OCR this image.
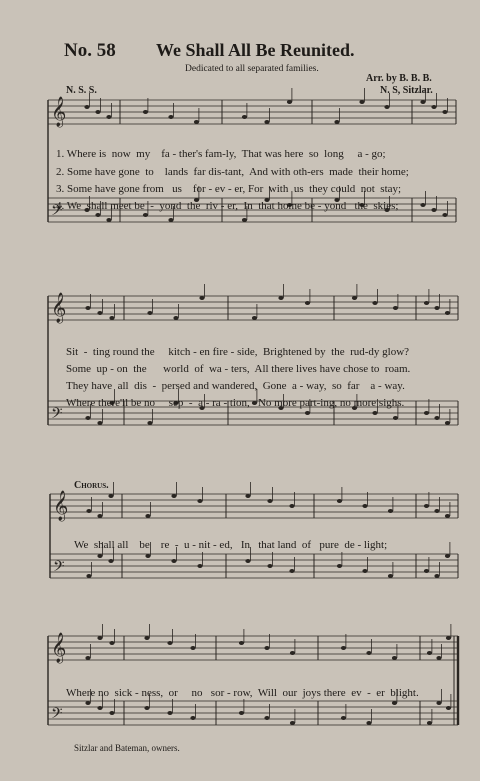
No. 58 We Shall All Be Reunited.
Dedicated to all separated families.
Arr. by B. B. B.
N. S. S.	N. S, Sitzlar.
𝄞
𝄢
𝄞
𝄢
𝄞
𝄢
𝄞
𝄢
1. Where is  now  my    fa - ther's fam-ly,  That was here  so  long     a - go;
2. Some have gone  to    lands  far dis-tant,  And with oth-ers  made  their home;
3. Some have gone from   us    for - ev - er, For  with  us  they could  not  stay;
4. We  shall meet be  -  yond  the  riv - er,  In  that home be - yond   the  skies;
Sit  -  ting round the     kitch - en fire - side,  Brightened by  the  rud-dy glow?
Some  up - on  the      world  of  wa - ters,  All there lives have chose to  roam.
They have  all  dis  -  persed and wandered,  Gone  a - way,  so  far    a - way.
Where there'll be no     sep  -  a - ra - tion,   No more part-ing, no more sighs.
Chorus.
We  shall all    be    re  -  u - nit - ed,   In   that land  of   pure  de - light;
Where no  sick - ness,  or     no   sor - row,  Will  our  joys there  ev  -  er  blight.
Sitzlar and Bateman, owners.
